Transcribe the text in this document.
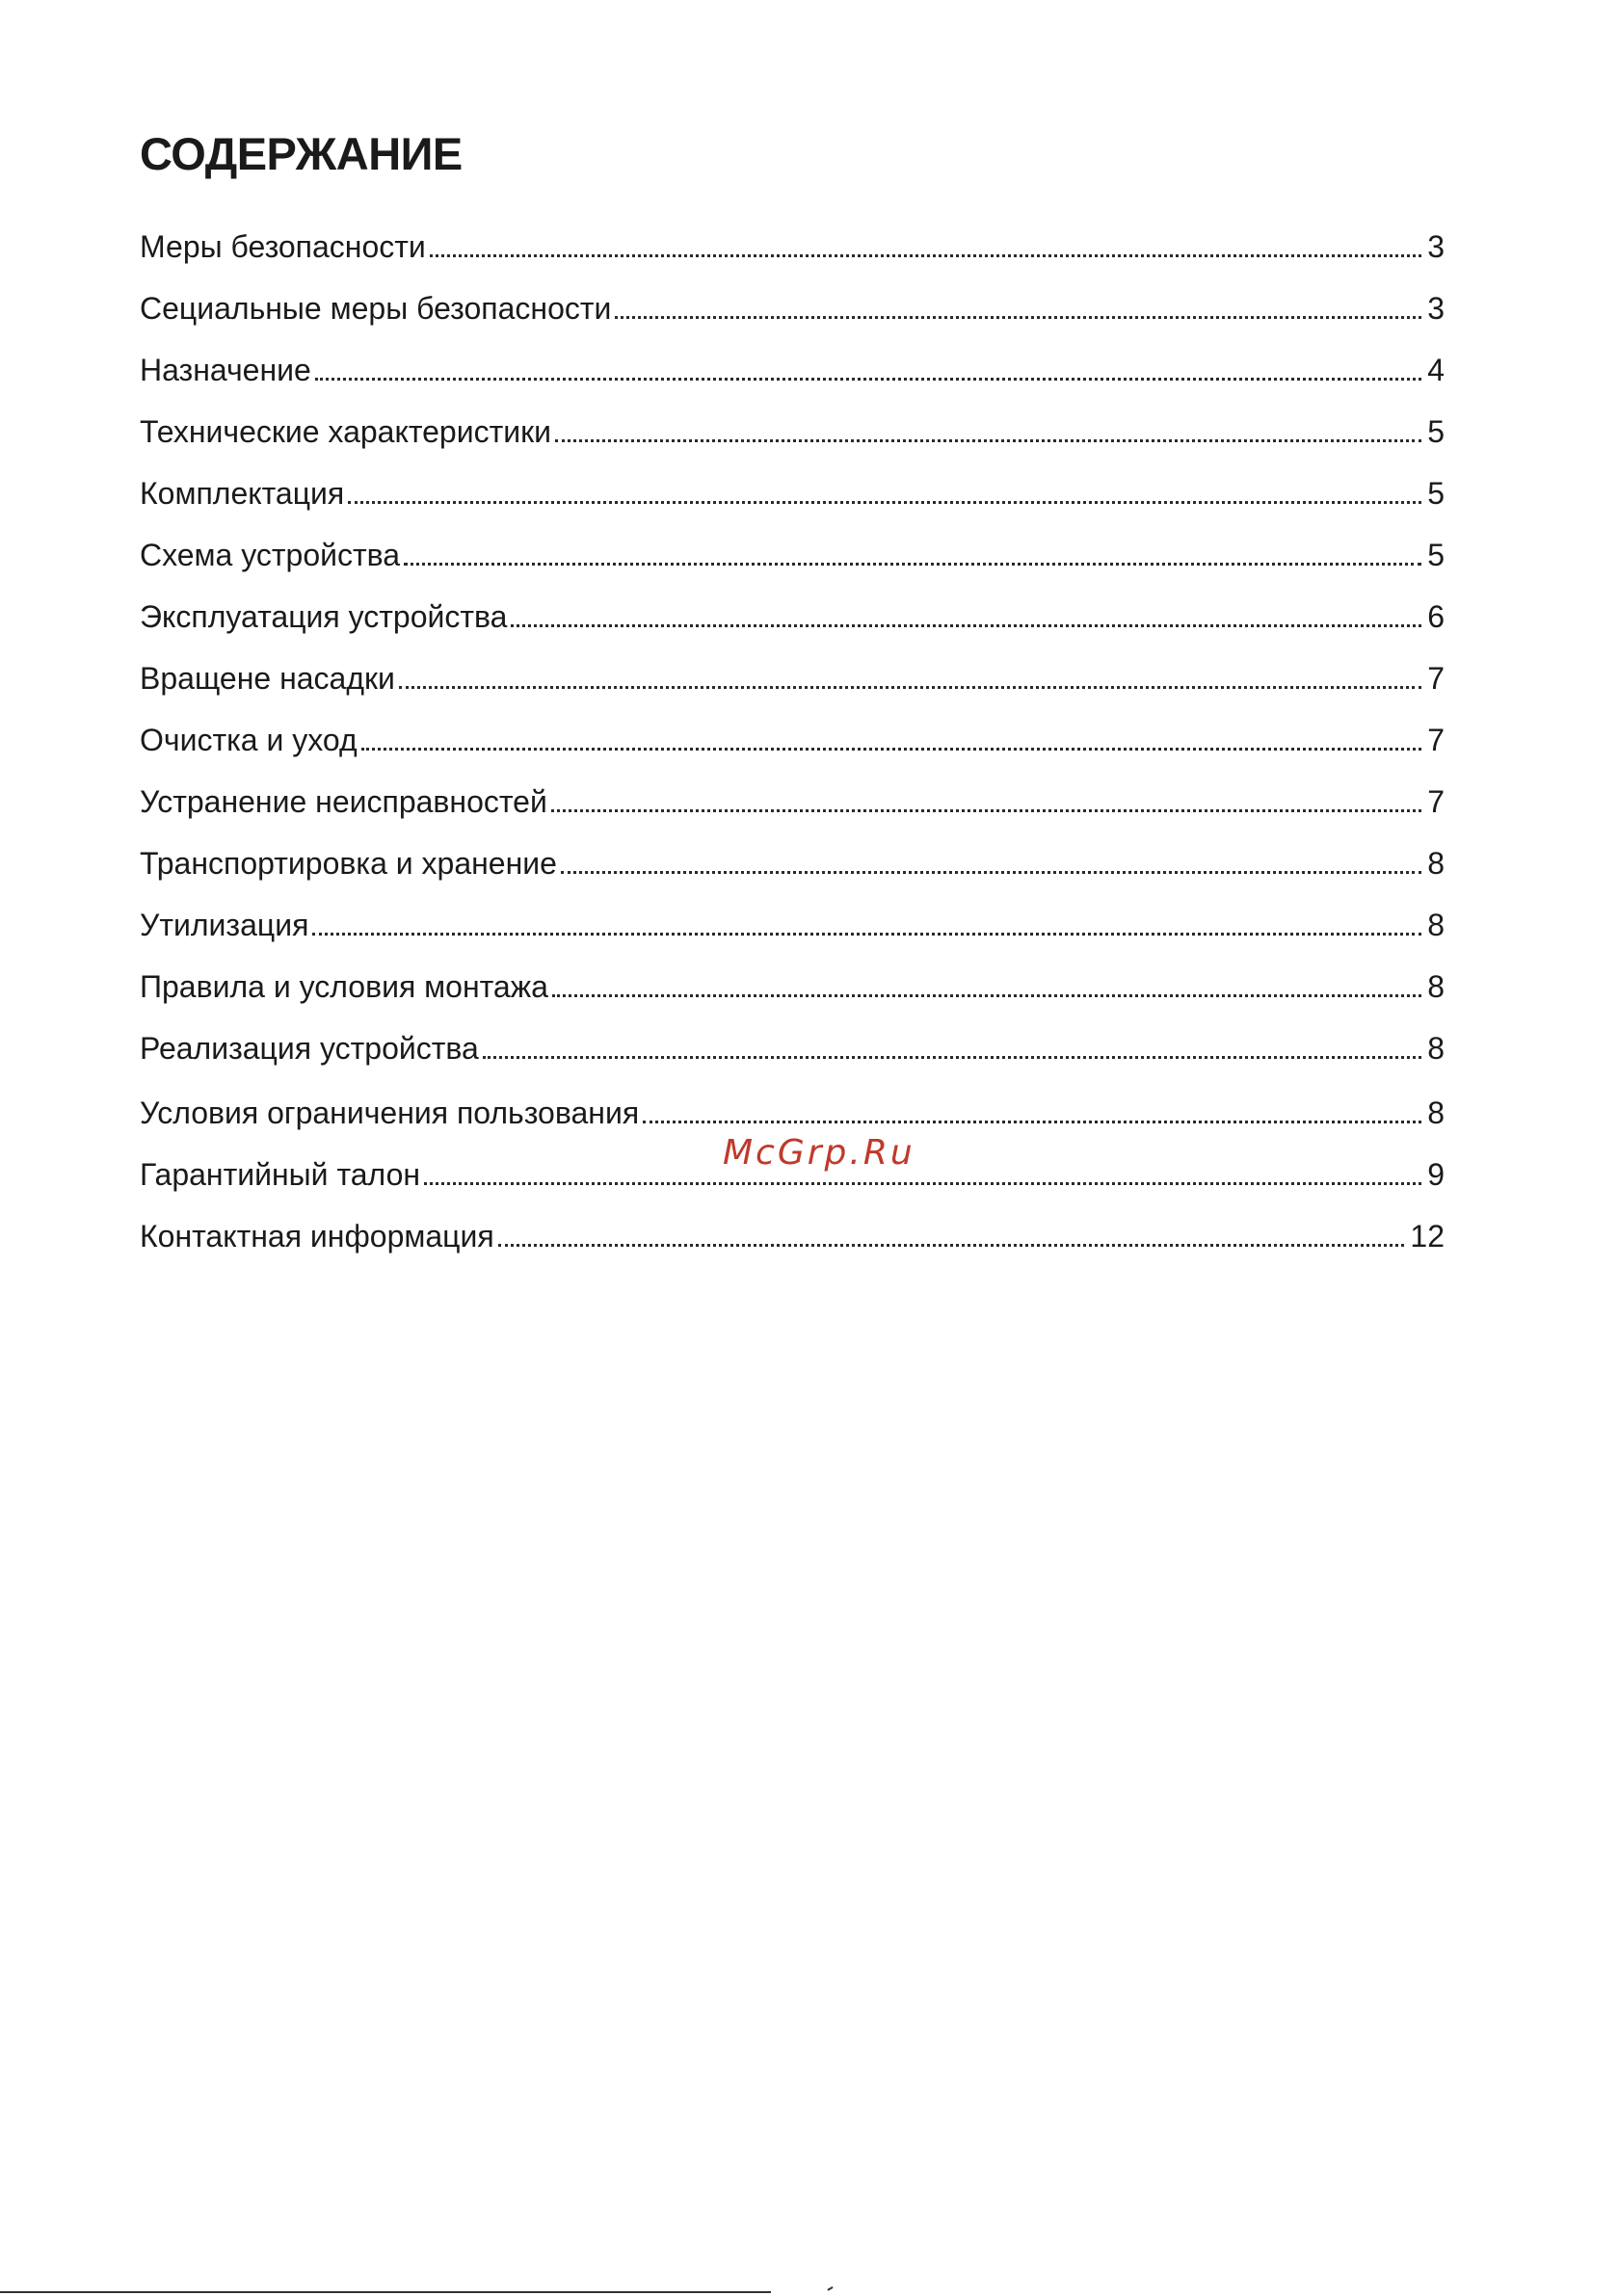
СОДЕРЖАНИЕ
Меры безопасности	3
Сециальные меры безопасности	3
Назначение	4
Технические характеристики	5
Комплектация	5
Схема устройства	5
Эксплуатация устройства	6
Вращене насадки	7
Очистка и уход	7
Устранение неисправностей	7
Транспортировка и хранение	8
Утилизация	8
Правила и условия монтажа	8
Реализация устройства	8
Условия ограничения пользования	8
Гарантийный талон	9
Контактная информация	12
McGrp.Ru
